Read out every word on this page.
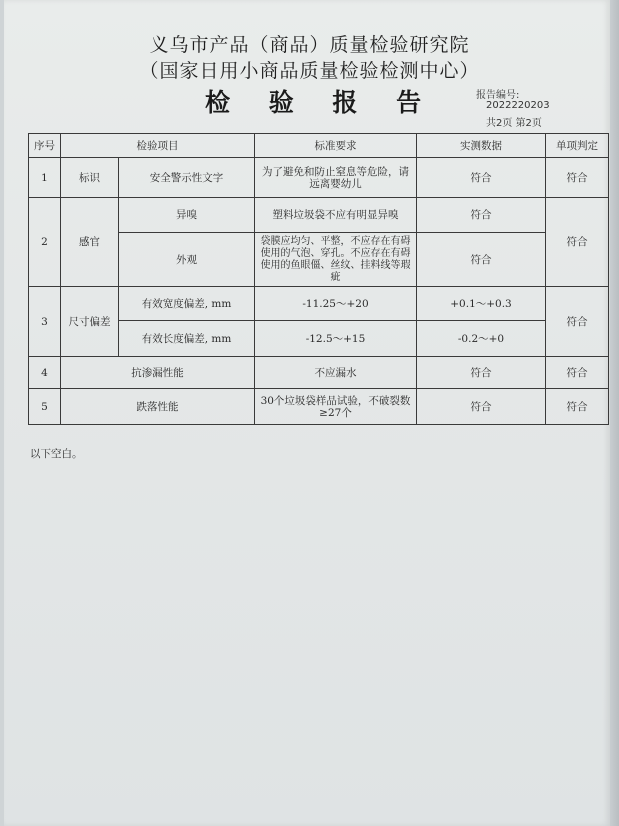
义乌市产品（商品）质量检验研究院
（国家日用小商品质量检验检测中心）
检 验 报 告	报告编号:
2022220203
共2页 第2页
序号	检验项目		标准要求	实测数据	单项判定
1	标识	安全警示性文字	为了避免和防止窒息等危险，请远离婴幼儿	符合	符合
2	感官	异嗅	塑料垃圾袋不应有明显异嗅	符合	符合
		外观	袋膜应均匀、平整，不应存在有碍使用的气泡、穿孔。不应存在有碍使用的鱼眼僵、丝纹、挂料线等瑕疵	符合	
3	尺寸偏差	有效宽度偏差, mm	-11.25～+20	+0.1～+0.3	符合
		有效长度偏差, mm	-12.5～+15	-0.2～+0	
4	抗渗漏性能		不应漏水	符合	符合
5	跌落性能		30个垃圾袋样品试验，不破裂数≥27个	符合	符合
以下空白。
